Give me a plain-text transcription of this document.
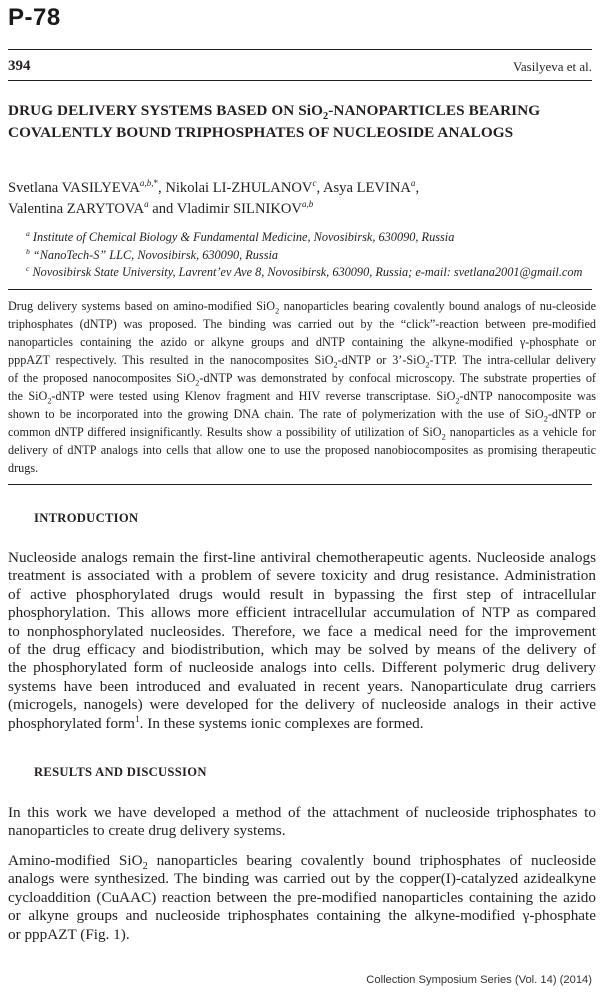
P-78
394	Vasilyeva et al.
DRUG DELIVERY SYSTEMS BASED ON SiO$_2$-NANOPARTICLES BEARING
COVALENTLY BOUND TRIPHOSPHATES OF NUCLEOSIDE ANALOGS
Svetlana $VASILYEVA^{a,b,*}$, Nikolai LI-ZHULANOV$^c$, Asya LEVINA$^a$,
Valentina ZARYTOVA$^a$ and Vladimir SILNIKOV$^{a,b}$
$^a$ Institute of Chemical Biology & Fundamental Medicine, Novosibirsk, 630090, Russia
$^b$ “NanoTech-S” LLC, Novosibirsk, 630090, Russia
$^c$ Novosibirsk State University, Lavrent’ev Ave 8, Novosibirsk, 630090, Russia; e-mail: svetlana2001@gmail.com
Drug delivery systems based on amino-modified SiO$_2$ nanoparticles bearing covalently bound analogs of nu-cleoside
triphosphates (dNTP) was proposed. The binding was carried out by the “click”-reaction between pre-modified
nanoparticles containing the azido or alkyne groups and dNTP containing the alkyne-modified γ-phosphate or
pppAZT respectively. This resulted in the nanocomposites SiO$_2$-dNTP or 3’-SiO$_2$-TTP. The intra-cellular delivery
of the proposed nanocomposites SiO$_2$-dNTP was demonstrated by confocal microscopy. The substrate properties of
the SiO$_2$-dNTP were tested using Klenov fragment and HIV reverse transcriptase. SiO$_2$-dNTP nanocomposite was
shown to be incorporated into the growing DNA chain. The rate of polymerization with the use of SiO$_2$-dNTP or
common dNTP differed insignificantly. Results show a possibility of utilization of SiO$_2$ nanoparticles as a vehicle for
delivery of dNTP analogs into cells that allow one to use the proposed nanobiocomposites as promising therapeutic
drugs.
INTRODUCTION
Nucleoside analogs remain the first-line antiviral chemotherapeutic agents. Nucleoside analogs
treatment is associated with a problem of severe toxicity and drug resistance. Administration
of active phosphorylated drugs would result in bypassing the first step of intracellular
phosphorylation. This allows more efficient intracellular accumulation of NTP as compared
to nonphosphorylated nucleosides. Therefore, we face a medical need for the improvement
of the drug efficacy and biodistribution, which may be solved by means of the delivery of
the phosphorylated form of nucleoside analogs into cells. Different polymeric drug delivery
systems have been introduced and evaluated in recent years. Nanoparticulate drug carriers
(microgels, nanogels) were developed for the delivery of nucleoside analogs in their active
phosphorylated form$^1$. In these systems ionic complexes are formed.
RESULTS AND DISCUSSION
In this work we have developed a method of the attachment of nucleoside triphosphates to
nanoparticles to create drug delivery systems.
Amino-modified SiO$_2$ nanoparticles bearing covalently bound triphosphates of nucleoside
analogs were synthesized. The binding was carried out by the copper(I)-catalyzed azidealkyne
cycloaddition (CuAAC) reaction between the pre-modified nanoparticles containing the azido
or alkyne groups and nucleoside triphosphates containing the alkyne-modified γ-phosphate
or pppAZT (Fig. 1).
Collection Symposium Series (Vol. 14) (2014)
